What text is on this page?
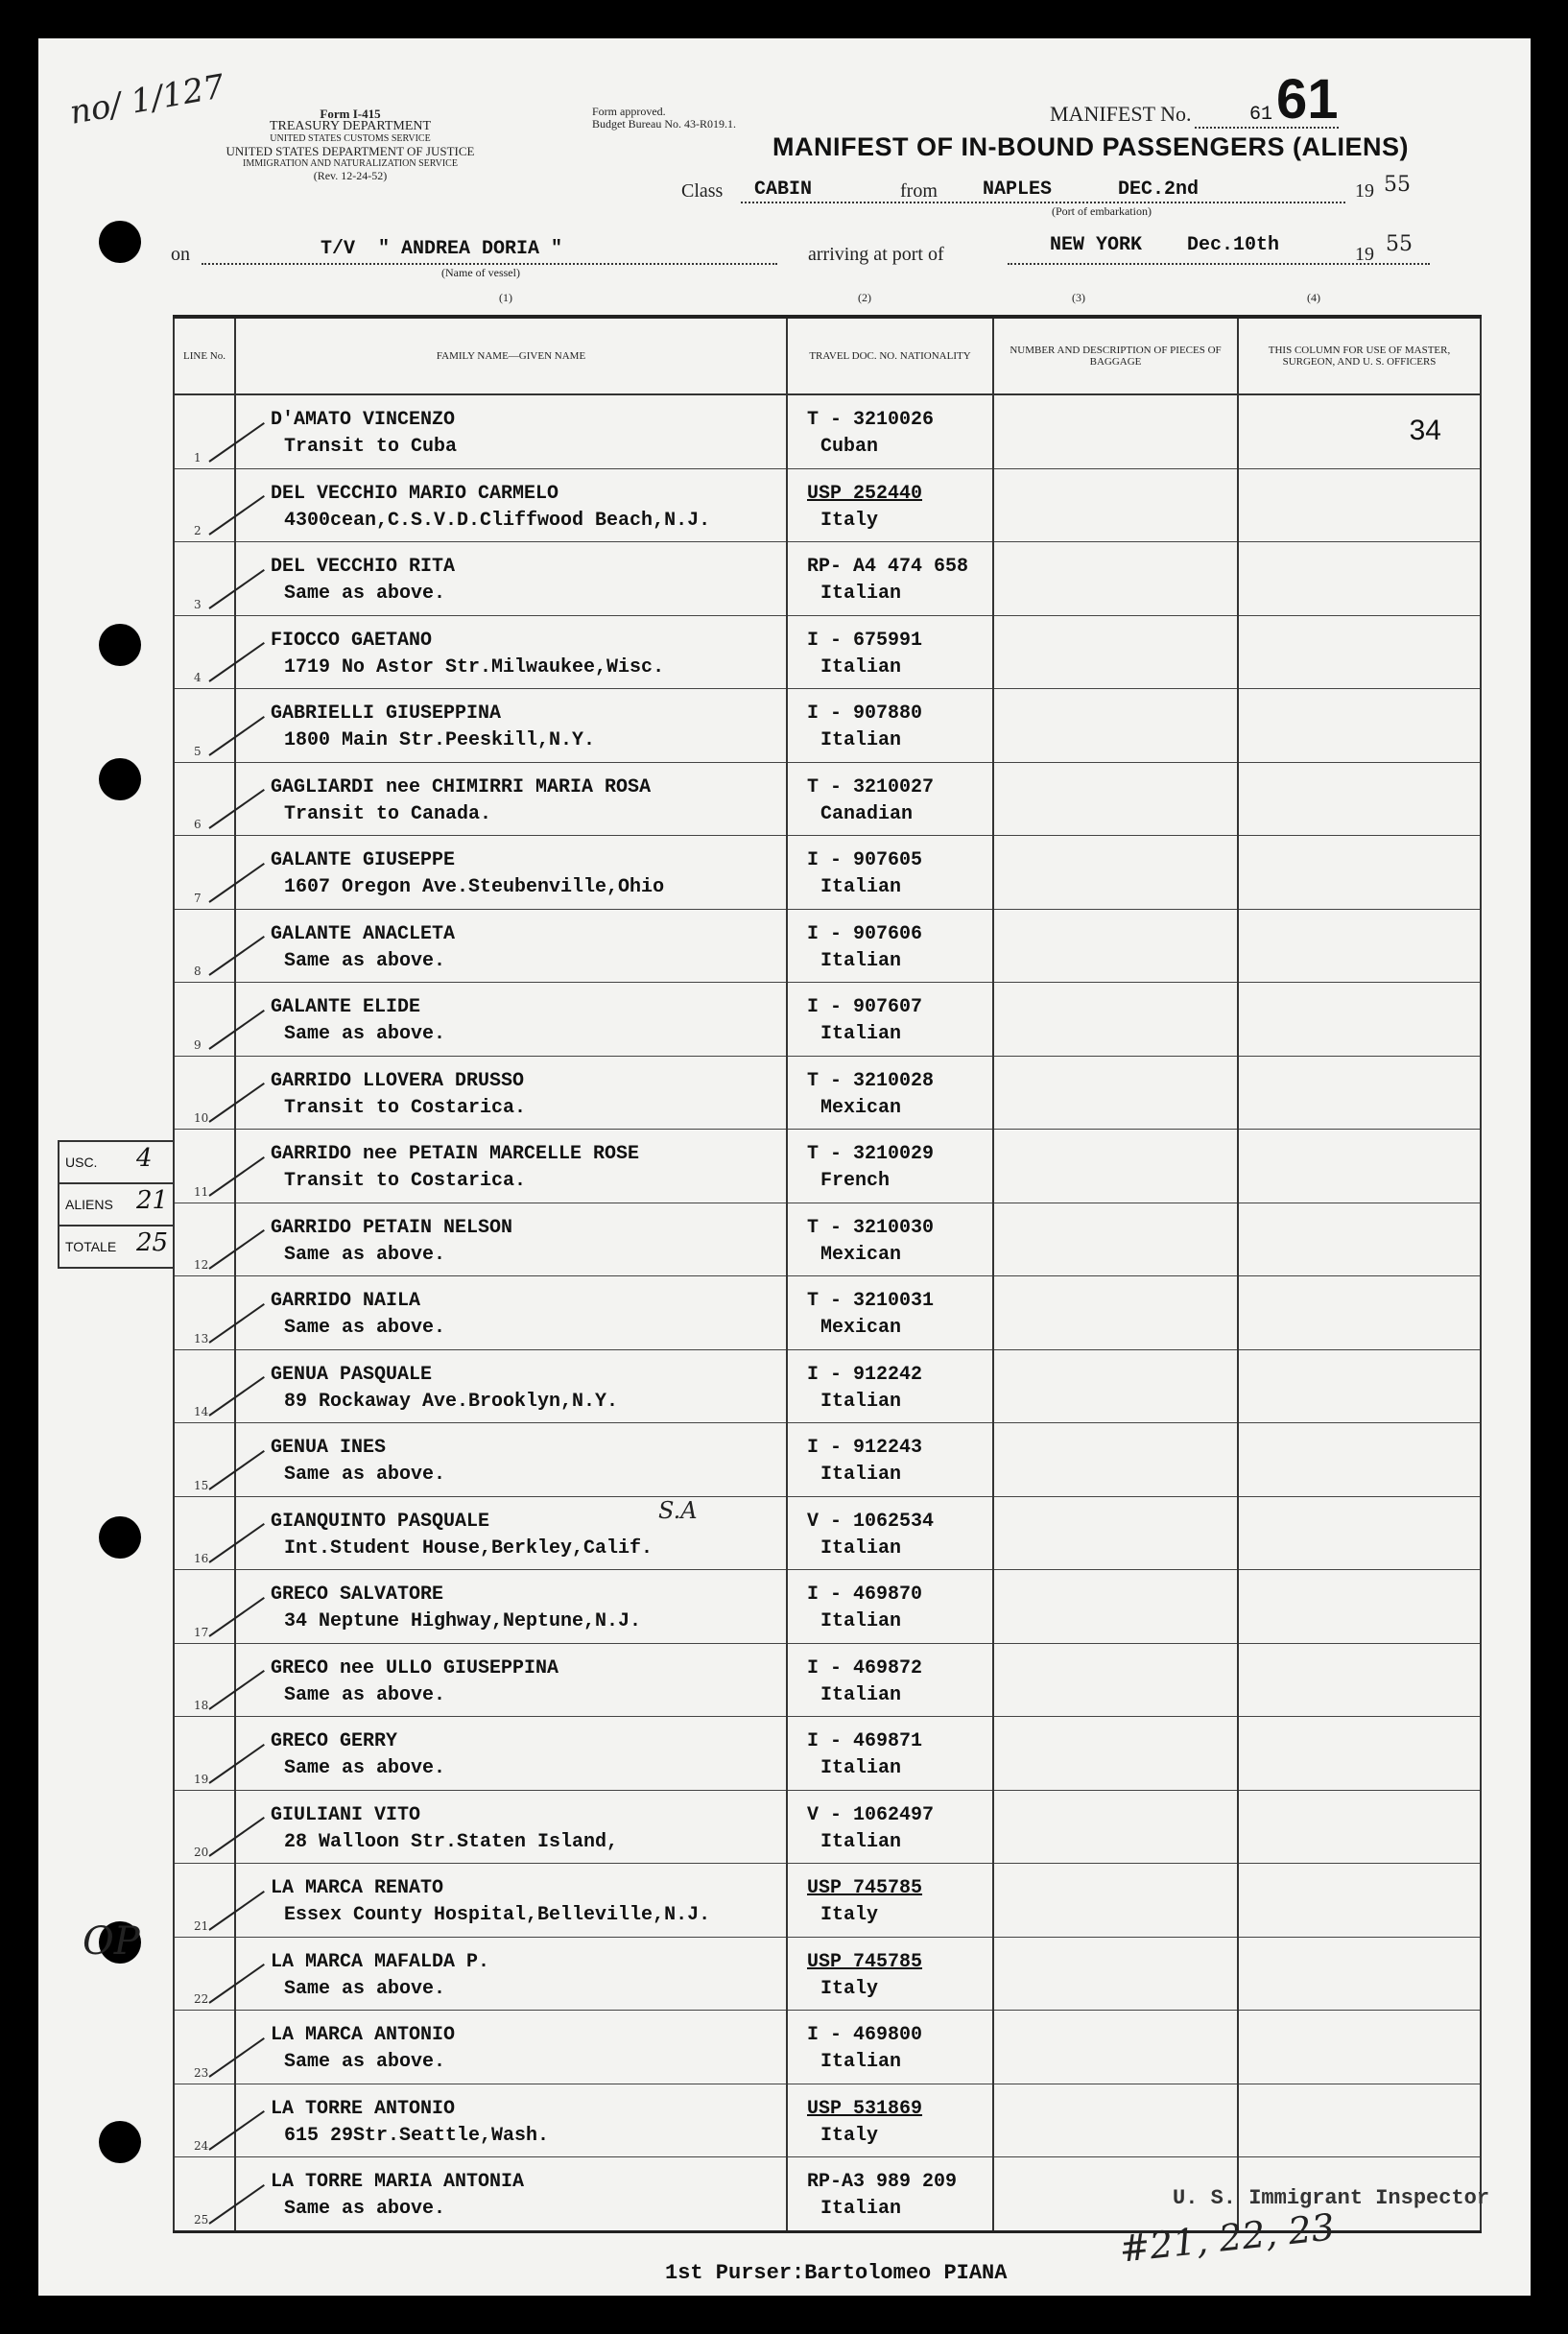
no/ 1/127	Form I-415
TREASURY DEPARTMENT
UNITED STATES CUSTOMS SERVICE
UNITED STATES DEPARTMENT OF JUSTICE
IMMIGRATION AND NATURALIZATION SERVICE
(Rev. 12-24-52)
Form approved.
Budget Bureau No. 43-R019.1.	MANIFEST No.	61 61
MANIFEST OF IN-BOUND PASSENGERS (ALIENS)
Class CABIN	from NAPLES	DEC.2nd	19 55
(Port of embarkation)
on	T/V  " ANDREA DORIA "
(Name of vessel)
arriving at port of	NEW YORK Dec.10th	19 55
(1)	(2)	(3)	(4)
LINE No.	FAMILY NAME—GIVEN NAME	TRAVEL DOC. NO. NATIONALITY	NUMBER AND DESCRIPTION OF PIECES OF BAGGAGE	THIS COLUMN FOR USE OF MASTER, SURGEON, AND U. S. OFFICERS

1	D'AMATO VINCENZO
Transit to Cuba	T - 3210026
Cuban		34

2	DEL VECCHIO MARIO CARMELO
4300cean,C.S.V.D.Cliffwood Beach,N.J.	USP 252440
Italy		

3	DEL VECCHIO RITA
Same as above.	RP- A4 474 658
Italian		

4	FIOCCO GAETANO
1719 No Astor Str.Milwaukee,Wisc.	I - 675991
Italian		

5	GABRIELLI GIUSEPPINA
1800 Main Str.Peeskill,N.Y.	I - 907880
Italian		

6	GAGLIARDI nee CHIMIRRI MARIA ROSA
Transit to Canada.	T - 3210027
Canadian		

7	GALANTE GIUSEPPE
1607 Oregon Ave.Steubenville,Ohio	I - 907605
Italian		

8	GALANTE ANACLETA
Same as above.	I - 907606
Italian		

9	GALANTE ELIDE
Same as above.	I - 907607
Italian		

10	GARRIDO LLOVERA DRUSSO
Transit to Costarica.	T - 3210028
Mexican		

11	GARRIDO nee PETAIN MARCELLE ROSE
Transit to Costarica.	T - 3210029
French		

12	GARRIDO PETAIN NELSON
Same as above.	T - 3210030
Mexican		

13	GARRIDO NAILA
Same as above.	T - 3210031
Mexican		

14	GENUA PASQUALE
89 Rockaway Ave.Brooklyn,N.Y.	I - 912242
Italian		

15	GENUA INES
Same as above.	I - 912243
Italian		

16	GIANQUINTO PASQUALE
Int.Student House,Berkley,Calif.
S.A	V - 1062534
Italian		

17	GRECO SALVATORE
34 Neptune Highway,Neptune,N.J.	I - 469870
Italian		

18	GRECO nee ULLO GIUSEPPINA
Same as above.	I - 469872
Italian		

19	GRECO GERRY
Same as above.	I - 469871
Italian		

20	GIULIANI VITO
28 Walloon Str.Staten Island,	V - 1062497
Italian		

21	LA MARCA RENATO
Essex County Hospital,Belleville,N.J.	USP 745785
Italy		

22	LA MARCA MAFALDA P.
Same as above.	USP 745785
Italy		

23	LA MARCA ANTONIO
Same as above.	I - 469800
Italian		

24	LA TORRE ANTONIO
615 29Str.Seattle,Wash.	USP 531869
Italy		

25	LA TORRE MARIA ANTONIA
Same as above.	RP-A3 989 209
Italian		

USC. 4
ALIENS 21
TOTALE 25
OP
U. S. Immigrant Inspector
#21, 22, 23
1st Purser:Bartolomeo PIANA
